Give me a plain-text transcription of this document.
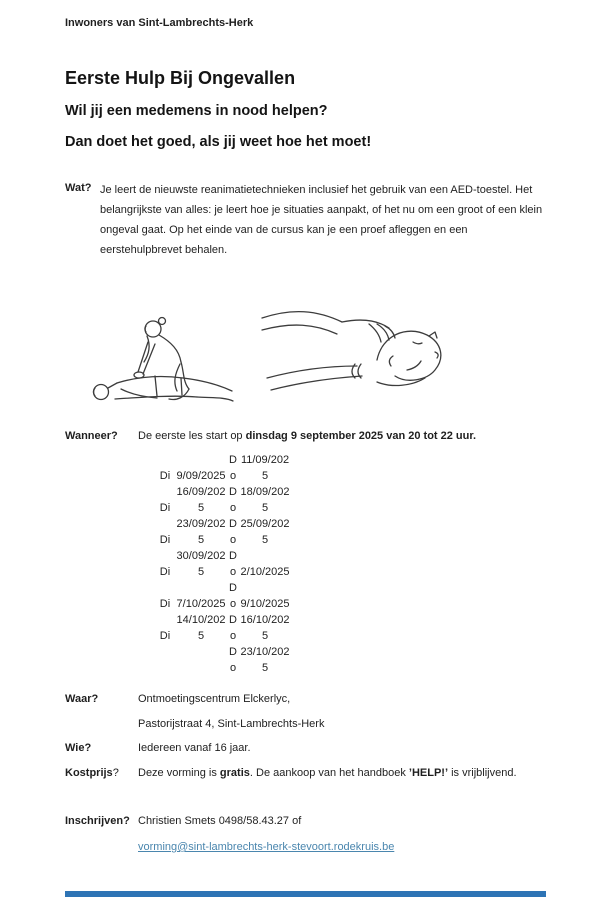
Inwoners van Sint-Lambrechts-Herk
Eerste Hulp Bij Ongevallen
Wil jij een medemens in nood helpen?
Dan doet het goed, als jij weet hoe het moet!
Wat? Je leert de nieuwste reanimatietechnieken inclusief het gebruik van een AED-toestel. Het belangrijkste van alles: je leert hoe je situaties aanpakt, of het nu om een groot of een klein ongeval gaat. Op het einde van de cursus kan je een proef afleggen en een eerstehulpbrevet behalen.
Wanneer?	De eerste les start op dinsdag 9 september 2025 van 20 tot 22 uur.
Di	9/09/2025	Do	11/09/2025
Di	16/09/2025	Do	18/09/2025
Di	23/09/2025	Do	25/09/2025
Di	30/09/2025	Do	2/10/2025
Di	7/10/2025	Do	9/10/2025
Di	14/10/2025	Do	16/10/2025
		Do	23/10/2025
Waar?	Ontmoetingscentrum Elckerlyc,
Pastorijstraat 4, Sint-Lambrechts-Herk
Wie?	Iedereen vanaf 16 jaar.
Kostprijs?	Deze vorming is gratis. De aankoop van het handboek ’HELP!’ is vrijblijvend.
Inschrijven? Christien Smets 0498/58.43.27 of
vorming@sint-lambrechts-herk-stevoort.rodekruis.be
